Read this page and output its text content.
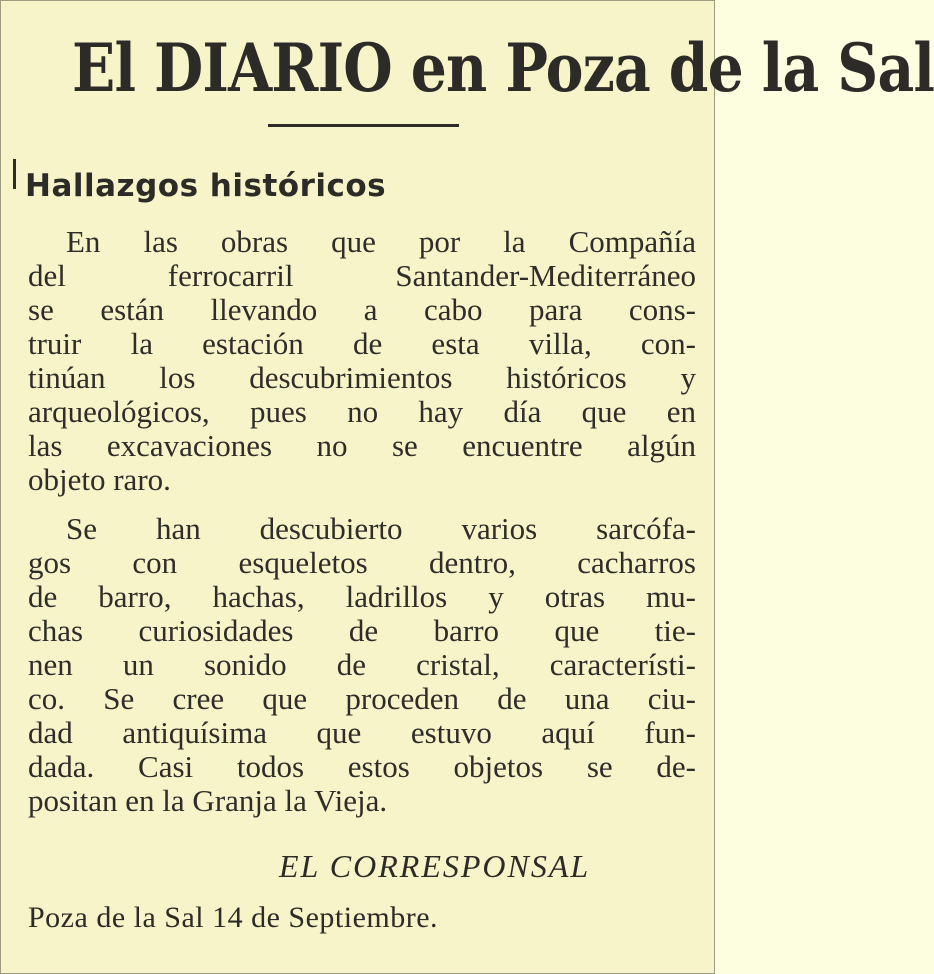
El DIARIO en Poza de la Sal
Hallazgos históricos
En las obras que por la Compañía
del ferrocarril Santander-Mediterráneo
se están llevando a cabo para cons-
truir la estación de esta villa, con-
tinúan los descubrimientos históricos y
arqueológicos, pues no hay día que en
las excavaciones no se encuentre algún
objeto raro.
Se han descubierto varios sarcófa-
gos con esqueletos dentro, cacharros
de barro, hachas, ladrillos y otras mu-
chas curiosidades de barro que tie-
nen un sonido de cristal, característi-
co. Se cree que proceden de una ciu-
dad antiquísima que estuvo aquí fun-
dada. Casi todos estos objetos se de-
positan en la Granja la Vieja.
EL CORRESPONSAL
Poza de la Sal 14 de Septiembre.
